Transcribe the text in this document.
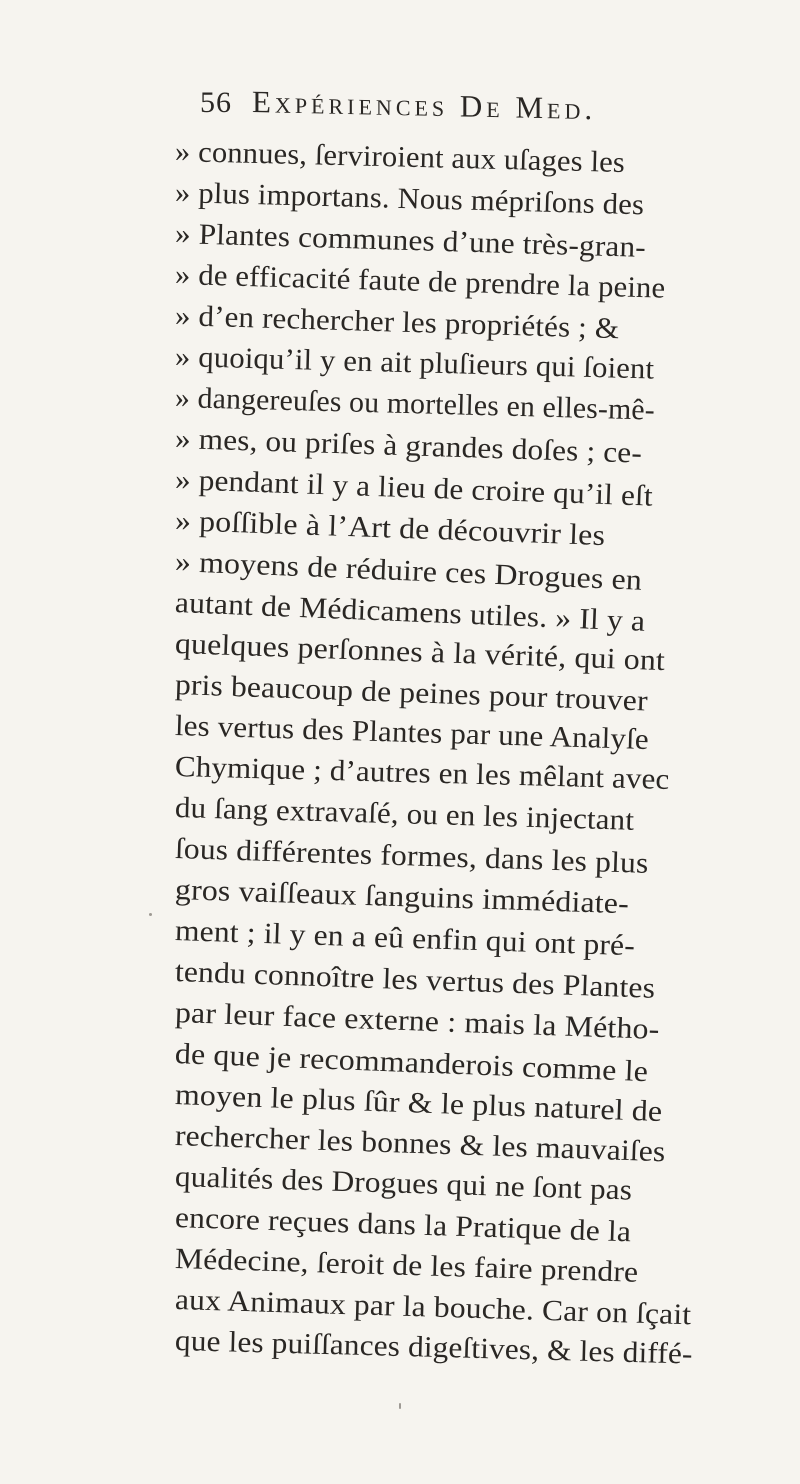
56 Expériences De Med.
» connues, ſerviroient aux uſages les
» plus importans. Nous mépriſons des
» Plantes communes d’une très-gran-
» de efficacité faute de prendre la peine
» d’en rechercher les propriétés ; &
» quoiqu’il y en ait pluſieurs qui ſoient
» dangereuſes ou mortelles en elles-mê-
» mes, ou priſes à grandes doſes ; ce-
» pendant il y a lieu de croire qu’il eſt
» poſſible à l’Art de découvrir les
» moyens de réduire ces Drogues en
autant de Médicamens utiles. » Il y a
quelques perſonnes à la vérité, qui ont
pris beaucoup de peines pour trouver
les vertus des Plantes par une Analyſe
Chymique ; d’autres en les mêlant avec
du ſang extravaſé, ou en les injectant
ſous différentes formes, dans les plus
gros vaiſſeaux ſanguins immédiate-
ment ; il y en a eû enfin qui ont pré-
tendu connoître les vertus des Plantes
par leur face externe : mais la Métho-
de que je recommanderois comme le
moyen le plus ſûr & le plus naturel de
rechercher les bonnes & les mauvaiſes
qualités des Drogues qui ne ſont pas
encore reçues dans la Pratique de la
Médecine, ſeroit de les faire prendre
aux Animaux par la bouche. Car on ſçait
que les puiſſances digeſtives, & les diffé-
